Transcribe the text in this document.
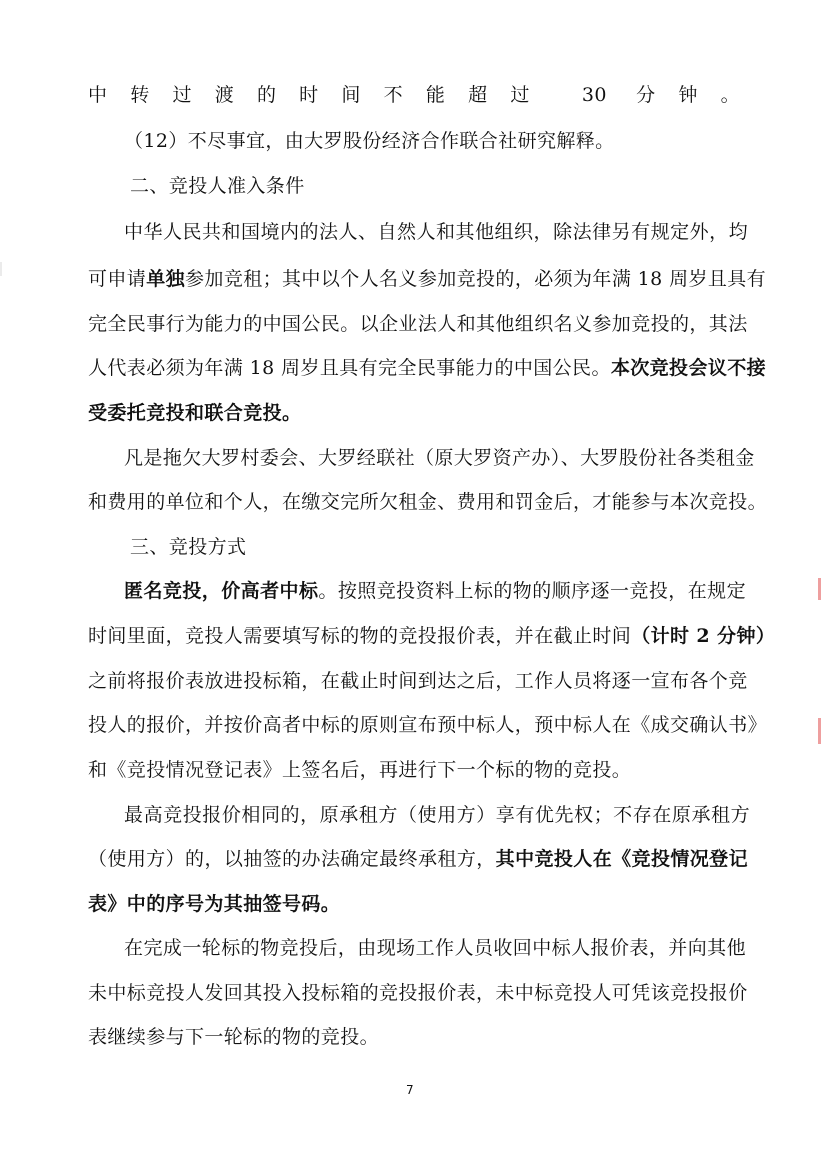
中转过渡的时间不能超过 30 分钟。
（12）不尽事宜，由大罗股份经济合作联合社研究解释。
二、竞投人准入条件
中华人民共和国境内的法人、自然人和其他组织，除法律另有规定外，均
可申请单独参加竞租；其中以个人名义参加竞投的，必须为年满 18 周岁且具有
完全民事行为能力的中国公民。以企业法人和其他组织名义参加竞投的，其法
人代表必须为年满 18 周岁且具有完全民事能力的中国公民。本次竞投会议不接
受委托竞投和联合竞投。
凡是拖欠大罗村委会、大罗经联社（原大罗资产办）、大罗股份社各类租金
和费用的单位和个人，在缴交完所欠租金、费用和罚金后，才能参与本次竞投。
三、竞投方式
匿名竞投，价高者中标。按照竞投资料上标的物的顺序逐一竞投，在规定
时间里面，竞投人需要填写标的物的竞投报价表，并在截止时间（计时 2 分钟）
之前将报价表放进投标箱，在截止时间到达之后，工作人员将逐一宣布各个竞
投人的报价，并按价高者中标的原则宣布预中标人，预中标人在《成交确认书》
和《竞投情况登记表》上签名后，再进行下一个标的物的竞投。
最高竞投报价相同的，原承租方（使用方）享有优先权；不存在原承租方
（使用方）的，以抽签的办法确定最终承租方，其中竞投人在《竞投情况登记
表》中的序号为其抽签号码。
在完成一轮标的物竞投后，由现场工作人员收回中标人报价表，并向其他
未中标竞投人发回其投入投标箱的竞投报价表，未中标竞投人可凭该竞投报价
表继续参与下一轮标的物的竞投。
7
